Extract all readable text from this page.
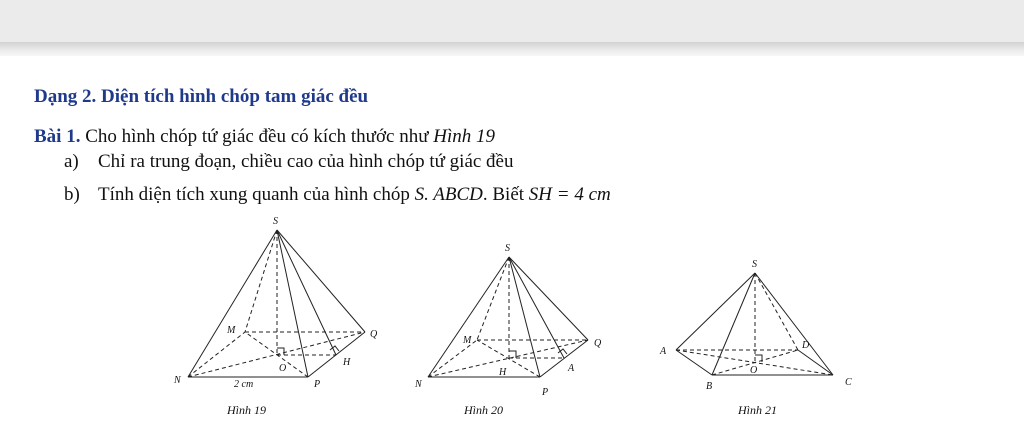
Dạng 2. Diện tích hình chóp tam giác đều
Bài 1. Cho hình chóp tứ giác đều có kích thước như Hình 19
a) Chỉ ra trung đoạn, chiều cao của hình chóp tứ giác đều
b) Tính diện tích xung quanh của hình chóp S. ABCD. Biết SH = 4 cm
S
M	Q
O
H
N	P
2 cm
Hình 19
S
M	Q
H	A
N
P
Hình 20
S
A
D
O
B	C
Hình 21
